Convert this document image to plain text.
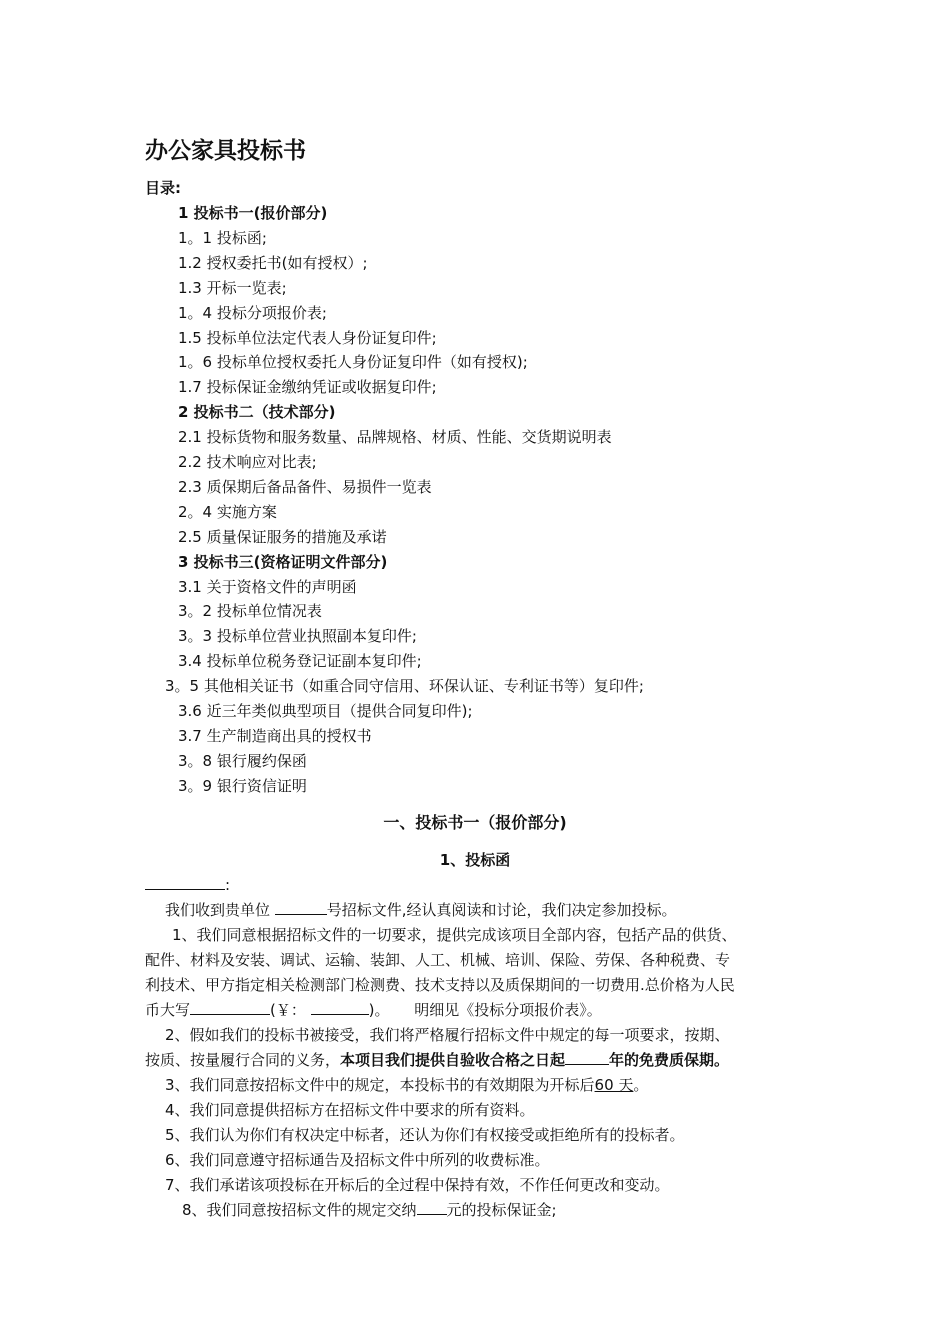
办公家具投标书
目录:
1 投标书一(报价部分)
1。1 投标函;
1.2 授权委托书(如有授权）;
1.3 开标一览表;
1。4 投标分项报价表;
1.5 投标单位法定代表人身份证复印件;
1。6 投标单位授权委托人身份证复印件（如有授权);
1.7 投标保证金缴纳凭证或收据复印件;
2 投标书二（技术部分)
2.1 投标货物和服务数量、品牌规格、材质、性能、交货期说明表
2.2 技术响应对比表;
2.3 质保期后备品备件、易损件一览表
2。4 实施方案
2.5 质量保证服务的措施及承诺
3 投标书三(资格证明文件部分)
3.1 关于资格文件的声明函
3。2 投标单位情况表
3。3 投标单位营业执照副本复印件;
3.4 投标单位税务登记证副本复印件;
3。5 其他相关证书（如重合同守信用、环保认证、专利证书等）复印件;
3.6 近三年类似典型项目（提供合同复印件);
3.7 生产制造商出具的授权书
3。8 银行履约保函
3。9 银行资信证明
一、投标书一（报价部分)
1、投标函
:
我们收到贵单位	号招标文件,经认真阅读和讨论，我们决定参加投标。
1、我们同意根据招标文件的一切要求，提供完成该项目全部内容，包括产品的供货、
配件、材料及安装、调试、运输、装卸、人工、机械、培训、保险、劳保、各种税费、专
利技术、甲方指定相关检测部门检测费、技术支持以及质保期间的一切费用.总价格为人民
币大写	(￥：	)。 明细见《投标分项报价表》。
2、假如我们的投标书被接受，我们将严格履行招标文件中规定的每一项要求，按期、
按质、按量履行合同的义务，本项目我们提供自验收合格之日起	年的免费质保期。
3、我们同意按招标文件中的规定，本投标书的有效期限为开标后60 天。
4、我们同意提供招标方在招标文件中要求的所有资料。
5、我们认为你们有权决定中标者，还认为你们有权接受或拒绝所有的投标者。
6、我们同意遵守招标通告及招标文件中所列的收费标准。
7、我们承诺该项投标在开标后的全过程中保持有效，不作任何更改和变动。
8、我们同意按招标文件的规定交纳 元的投标保证金;
